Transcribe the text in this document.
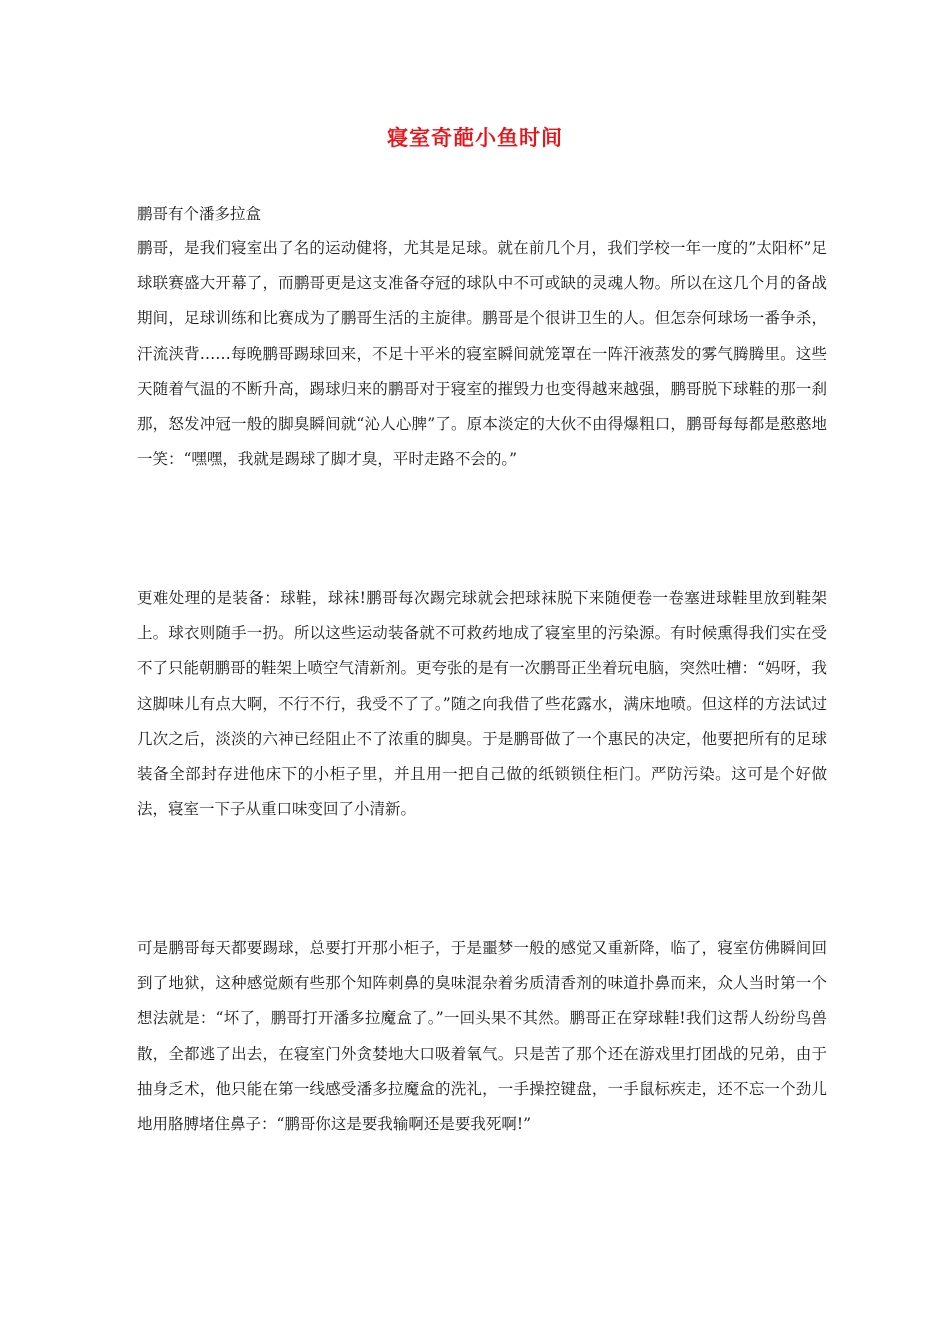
寝室奇葩小鱼时间

鹏哥有个潘多拉盒

鹏哥，是我们寝室出了名的运动健将，尤其是足球。就在前几个月，我们学校一年一度的”太阳杯”足球联赛盛大开幕了，而鹏哥更是这支准备夺冠的球队中不可或缺的灵魂人物。所以在这几个月的备战期间，足球训练和比赛成为了鹏哥生活的主旋律。鹏哥是个很讲卫生的人。但怎奈何球场一番争杀，汗流浃背……每晚鹏哥踢球回来，不足十平米的寝室瞬间就笼罩在一阵汗液蒸发的雾气腾腾里。这些天随着气温的不断升高，踢球归来的鹏哥对于寝室的摧毁力也变得越来越强，鹏哥脱下球鞋的那一刹那，怒发冲冠一般的脚臭瞬间就“沁人心脾”了。原本淡定的大伙不由得爆粗口，鹏哥每每都是憨憨地一笑：“嘿嘿，我就是踢球了脚才臭，平时走路不会的。”

更难处理的是装备：球鞋，球袜!鹏哥每次踢完球就会把球袜脱下来随便卷一卷塞进球鞋里放到鞋架上。球衣则随手一扔。所以这些运动装备就不可救药地成了寝室里的污染源。有时候熏得我们实在受不了只能朝鹏哥的鞋架上喷空气清新剂。更夸张的是有一次鹏哥正坐着玩电脑，突然吐槽：“妈呀，我这脚味儿有点大啊，不行不行，我受不了了。”随之向我借了些花露水，满床地喷。但这样的方法试过几次之后，淡淡的六神已经阻止不了浓重的脚臭。于是鹏哥做了一个惠民的决定，他要把所有的足球装备全部封存进他床下的小柜子里，并且用一把自己做的纸锁锁住柜门。严防污染。这可是个好做法，寝室一下子从重口味变回了小清新。

可是鹏哥每天都要踢球，总要打开那小柜子，于是噩梦一般的感觉又重新降，临了，寝室仿佛瞬间回到了地狱，这种感觉颇有些那个知阵刺鼻的臭味混杂着劣质清香剂的味道扑鼻而来，众人当时第一个想法就是：“坏了，鹏哥打开潘多拉魔盒了。”一回头果不其然。鹏哥正在穿球鞋!我们这帮人纷纷鸟兽散，全都逃了出去，在寝室门外贪婪地大口吸着氧气。只是苦了那个还在游戏里打团战的兄弟，由于抽身乏术，他只能在第一线感受潘多拉魔盒的洗礼，一手操控键盘，一手鼠标疾走，还不忘一个劲儿地用胳膊堵住鼻子：“鹏哥你这是要我输啊还是要我死啊!”
